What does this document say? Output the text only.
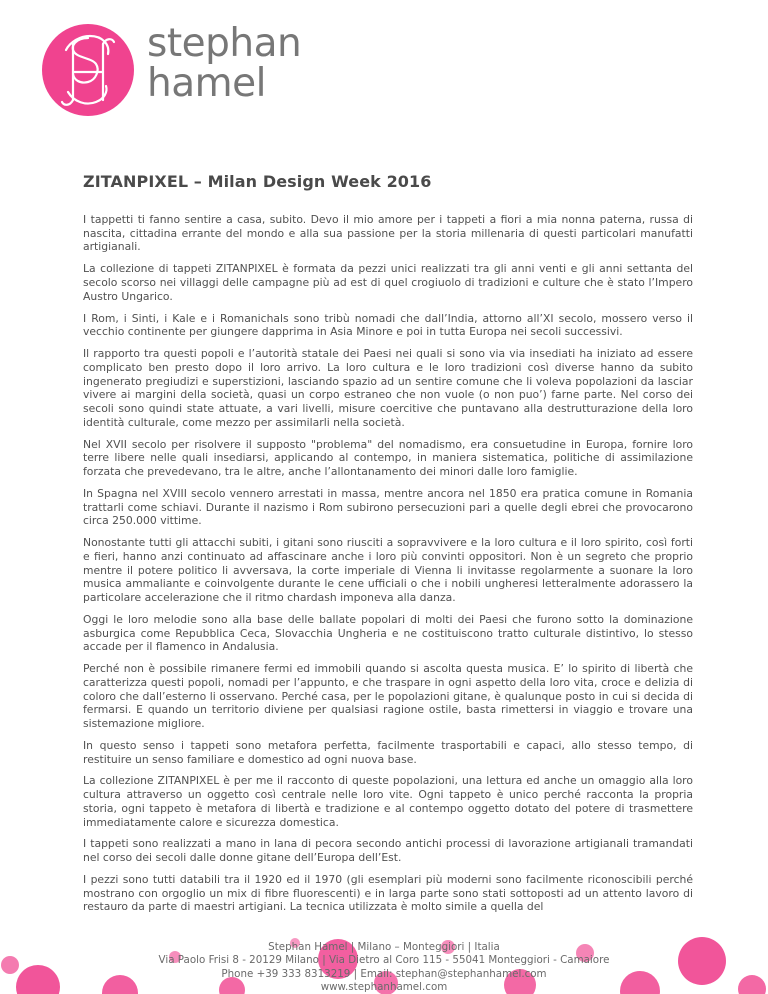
stephan
hamel
ZITANPIXEL – Milan Design Week 2016

I tappetti ti fanno sentire a casa, subito. Devo il mio amore per i tappeti a fiori a mia nonna paterna, russa di nascita, cittadina errante del mondo e alla sua passione per la storia millenaria di questi particolari manufatti artigianali.

La collezione di tappeti ZITANPIXEL è formata da pezzi unici realizzati tra gli anni venti e gli anni settanta del secolo scorso nei villaggi delle campagne più ad est di quel crogiuolo di tradizioni e culture che è stato l’Impero Austro Ungarico.

I Rom, i Sinti, i Kale e i Romanichals sono tribù nomadi che dall’India, attorno all’XI secolo, mossero verso il vecchio continente per giungere dapprima in Asia Minore e poi in tutta Europa nei secoli successivi.

Il rapporto tra questi popoli e l’autorità statale dei Paesi nei quali si sono via via insediati ha iniziato ad essere complicato ben presto dopo il loro arrivo. La loro cultura e le loro tradizioni così diverse hanno da subito ingenerato pregiudizi e superstizioni, lasciando spazio ad un sentire comune che li voleva popolazioni da lasciar vivere ai margini della società, quasi un corpo estraneo che non vuole (o non puo’) farne parte. Nel corso dei secoli sono quindi state attuate, a vari livelli, misure coercitive che puntavano alla destrutturazione della loro identità culturale, come mezzo per assimilarli nella società.

Nel XVII secolo per risolvere il supposto "problema" del nomadismo, era consuetudine in Europa, fornire loro terre libere nelle quali insediarsi, applicando al contempo, in maniera sistematica, politiche di assimilazione forzata che prevedevano, tra le altre, anche l’allontanamento dei minori dalle loro famiglie.

In Spagna nel XVIII secolo vennero arrestati in massa, mentre ancora nel 1850 era pratica comune in Romania trattarli come schiavi. Durante il nazismo i Rom subirono persecuzioni pari a quelle degli ebrei che provocarono circa 250.000 vittime.

Nonostante tutti gli attacchi subiti, i gitani sono riusciti a sopravvivere e la loro cultura e il loro spirito, così forti e fieri, hanno anzi continuato ad affascinare anche i loro più convinti oppositori. Non è un segreto che proprio mentre il potere politico li avversava, la corte imperiale di Vienna li invitasse regolarmente a suonare la loro musica ammaliante e coinvolgente durante le cene ufficiali o che i nobili ungheresi letteralmente adorassero la particolare accelerazione che il ritmo chardash imponeva alla danza.

Oggi le loro melodie sono alla base delle ballate popolari di molti dei Paesi che furono sotto la dominazione asburgica come Repubblica Ceca, Slovacchia Ungheria e ne costituiscono tratto culturale distintivo, lo stesso accade per il flamenco in Andalusia.

Perché non è possibile rimanere fermi ed immobili quando si ascolta questa musica. E’ lo spirito di libertà che caratterizza questi popoli, nomadi per l’appunto, e che traspare in ogni aspetto della loro vita, croce e delizia di coloro che dall’esterno li osservano. Perché casa, per le popolazioni gitane, è qualunque posto in cui si decida di fermarsi. E quando un territorio diviene per qualsiasi ragione ostile, basta rimettersi in viaggio e trovare una sistemazione migliore.

In questo senso i tappeti sono metafora perfetta, facilmente trasportabili e capaci, allo stesso tempo, di restituire un senso familiare e domestico ad ogni nuova base.

La collezione ZITANPIXEL è per me il racconto di queste popolazioni, una lettura ed anche un omaggio alla loro cultura attraverso un oggetto così centrale nelle loro vite. Ogni tappeto è unico perché racconta la propria storia, ogni tappeto è metafora di libertà e tradizione e al contempo oggetto dotato del potere di trasmettere immediatamente calore e sicurezza domestica.

I tappeti sono realizzati a mano in lana di pecora secondo antichi processi di lavorazione artigianali tramandati nel corso dei secoli dalle donne gitane dell’Europa dell’Est.

I pezzi sono tutti databili tra il 1920 ed il 1970 (gli esemplari più moderni sono facilmente riconoscibili perché mostrano con orgoglio un mix di fibre fluorescenti) e in larga parte sono stati sottoposti ad un attento lavoro di restauro da parte di maestri artigiani. La tecnica utilizzata è molto simile a quella del

Stephan Hamel | Milano – Monteggiori | Italia
Via Paolo Frisi 8 - 20129 Milano | Via Dietro al Coro 115 - 55041 Monteggiori - Camaiore
Phone +39 333 8313219 | Email: stephan@stephanhamel.com
www.stephanhamel.com
